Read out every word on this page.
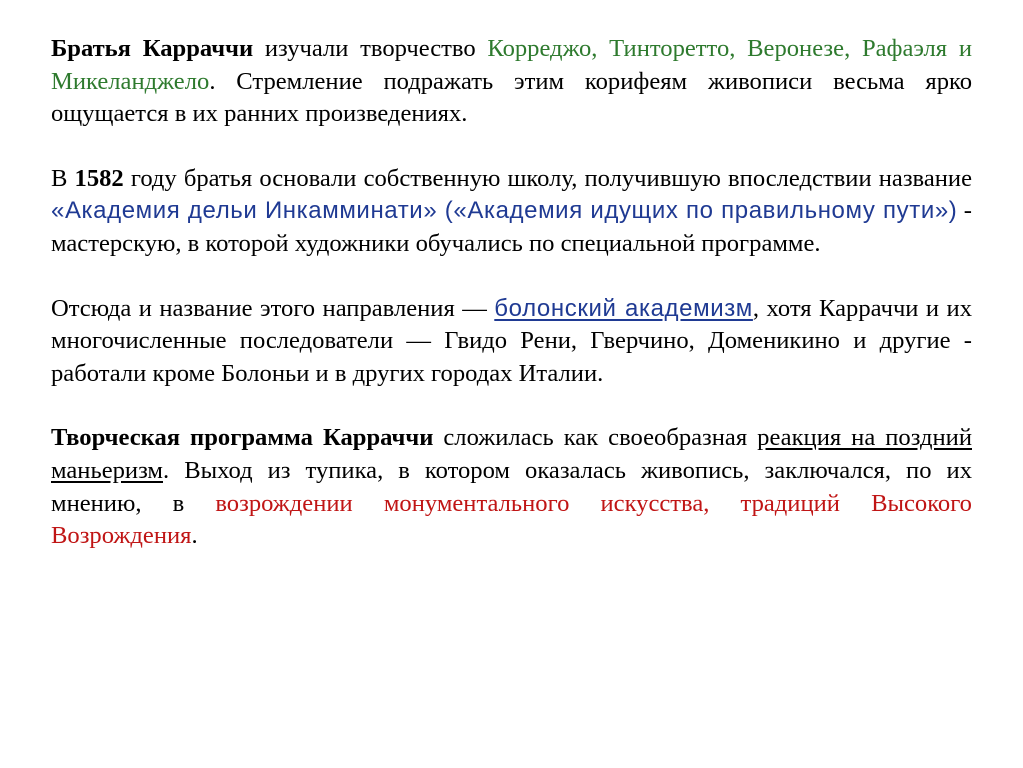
Братья Карраччи изучали творчество Корреджо, Тинторетто, Веронезе, Рафаэля и Микеланджело. Стремление подражать этим корифеям живописи весьма ярко ощущается в их ранних произведениях.

В 1582 году братья основали собственную школу, получившую впоследствии название «Академия дельи Инкамминати» («Академия идущих по правильному пути») - мастерскую, в которой художники обучались по специальной программе.

Отсюда и название этого направления — болонский академизм, хотя Карраччи и их многочисленные последователи — Гвидо Рени, Гверчино, Доменикино и другие - работали кроме Болоньи и в других городах Италии.

Творческая программа Карраччи сложилась как своеобразная реакция на поздний маньеризм. Выход из тупика, в котором оказалась живопись, заключался, по их мнению, в возрождении монументального искусства, традиций Высокого Возрождения.
